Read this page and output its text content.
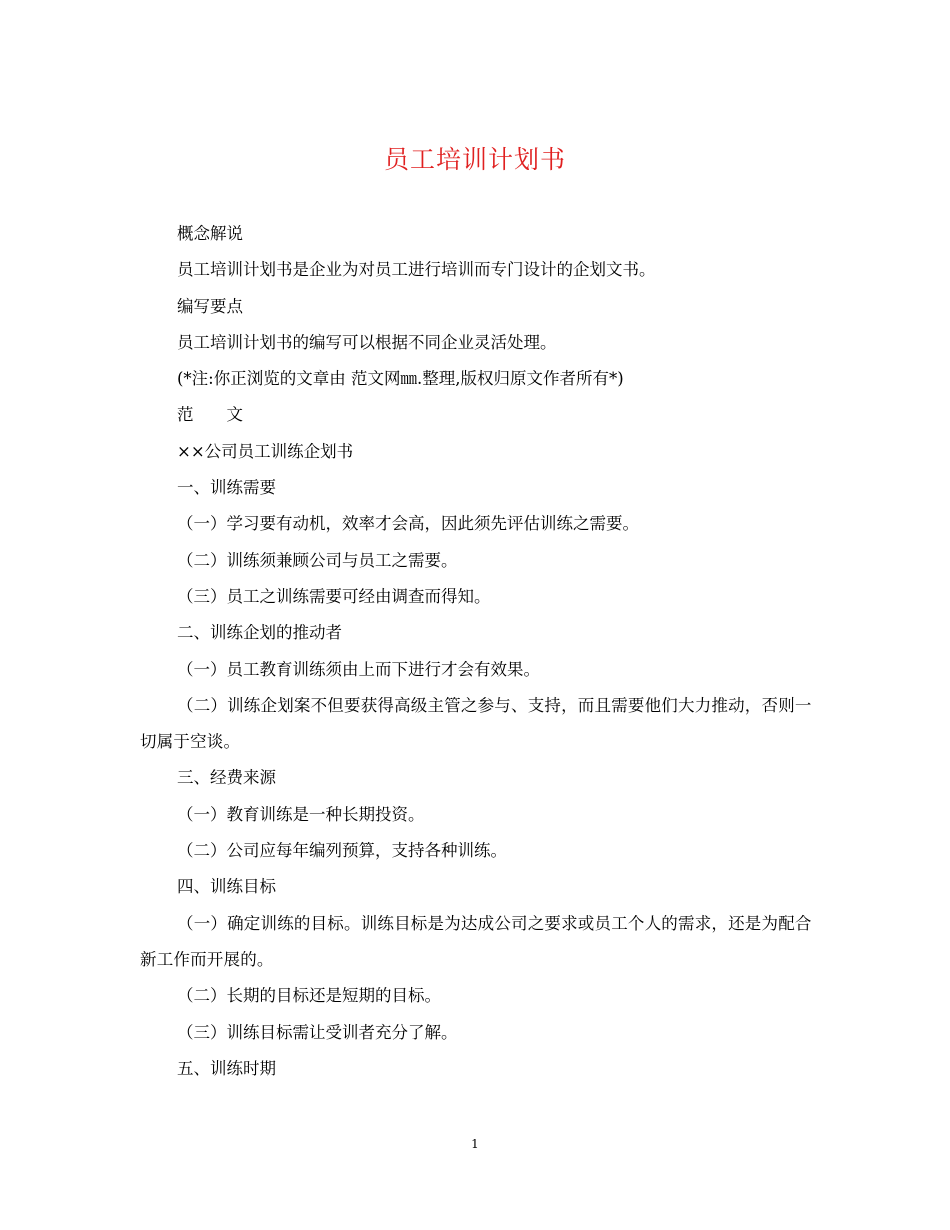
员工培训计划书

概念解说

员工培训计划书是企业为对员工进行培训而专门设计的企划文书。

编写要点

员工培训计划书的编写可以根据不同企业灵活处理。

(*注:你正浏览的文章由 范文网㎜.整理,版权归原文作者所有*)

范　　文

××公司员工训练企划书

一、训练需要

（一）学习要有动机，效率才会高，因此须先评估训练之需要。

（二）训练须兼顾公司与员工之需要。

（三）员工之训练需要可经由调查而得知。

二、训练企划的推动者

（一）员工教育训练须由上而下进行才会有效果。

（二）训练企划案不但要获得高级主管之参与、支持，而且需要他们大力推动，否则一切属于空谈。

三、经费来源

（一）教育训练是一种长期投资。

（二）公司应每年编列预算，支持各种训练。

四、训练目标

（一）确定训练的目标。训练目标是为达成公司之要求或员工个人的需求，还是为配合新工作而开展的。

（二）长期的目标还是短期的目标。

（三）训练目标需让受训者充分了解。

五、训练时期

1
